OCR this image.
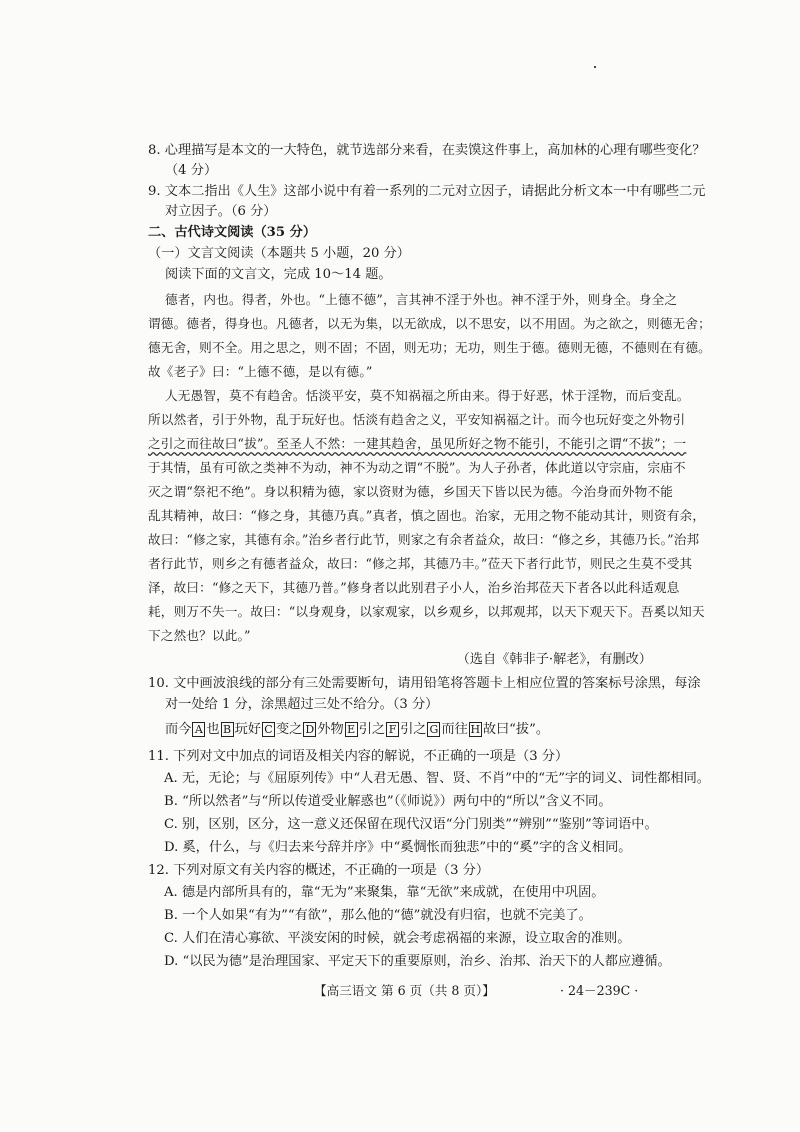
8. 心理描写是本文的一大特色，就节选部分来看，在卖馍这件事上，高加林的心理有哪些变化？
（4 分）
9. 文本二指出《人生》这部小说中有着一系列的二元对立因子，请据此分析文本一中有哪些二元
对立因子。（6 分）
二、古代诗文阅读（35 分）
（一）文言文阅读（本题共 5 小题，20 分）
阅读下面的文言文，完成 10～14 题。
德者，内也。得者，外也。“上德不德”，言其神不淫于外也。神不淫于外，则身全。身全之
谓德。德者，得身也。凡德者，以无为集，以无欲成，以不思安，以不用固。为之欲之，则德无舍；
德无舍，则不全。用之思之，则不固；不固，则无功；无功，则生于德。德则无德，不德则在有德。
故《老子》曰：“上德不德，是以有德。”
人无愚智，莫不有趋舍。恬淡平安，莫不知祸福之所由来。得于好恶，怵于淫物，而后变乱。
所以然者，引于外物，乱于玩好也。恬淡有趋舍之义，平安知祸福之计。而今也玩好变之外物引
之引之而往故曰“拔”。至圣人不然：一建其趋舍，虽见所好之物不能引，不能引之谓“不拔”；一
于其情，虽有可欲之类神不为动，神不为动之谓“不脱”。为人子孙者，体此道以守宗庙，宗庙不
灭之谓“祭祀不绝”。身以积精为德，家以资财为德，乡国天下皆以民为德。今治身而外物不能
乱其精神，故曰：“修之身，其德乃真。”真者，慎之固也。治家，无用之物不能动其计，则资有余，
故曰：“修之家，其德有余。”治乡者行此节，则家之有余者益众，故曰：“修之乡，其德乃长。”治邦
者行此节，则乡之有德者益众，故曰：“修之邦，其德乃丰。”莅天下者行此节，则民之生莫不受其
泽，故曰：“修之天下，其德乃普。”修身者以此别君子小人，治乡治邦莅天下者各以此科适观息
耗，则万不失一。故曰：“以身观身，以家观家，以乡观乡，以邦观邦，以天下观天下。吾奚以知天
下之然也？以此。”
（选自《韩非子·解老》，有删改）
10. 文中画波浪线的部分有三处需要断句，请用铅笔将答题卡上相应位置的答案标号涂黑，每涂
对一处给 1 分，涂黑超过三处不给分。（3 分）
而今 A 也 B 玩好 C 变之 D 外物 E 引之 F 引之 G 而往 H 故曰“拔”。
11. 下列对文中加点的词语及相关内容的解说，不正确的一项是（3 分）
A. 无，无论；与《屈原列传》中“人君无愚、智、贤、不肖”中的“无”字的词义、词性都相同。
B. “所以然者”与“所以传道受业解惑也”（《师说》）两句中的“所以”含义不同。
C. 别，区别，区分，这一意义还保留在现代汉语“分门别类”“辨别”“鉴别”等词语中。
D. 奚，什么，与《归去来兮辞并序》中“奚惆怅而独悲”中的“奚”字的含义相同。
12. 下列对原文有关内容的概述，不正确的一项是（3 分）
A. 德是内部所具有的，靠“无为”来聚集，靠“无欲”来成就，在使用中巩固。
B. 一个人如果“有为”“有欲”，那么他的“德”就没有归宿，也就不完美了。
C. 人们在清心寡欲、平淡安闲的时候，就会考虑祸福的来源，设立取舍的准则。
D. “以民为德”是治理国家、平定天下的重要原则，治乡、治邦、治天下的人都应遵循。
【高三语文 第 6 页（共 8 页）】	· 24－239C ·
